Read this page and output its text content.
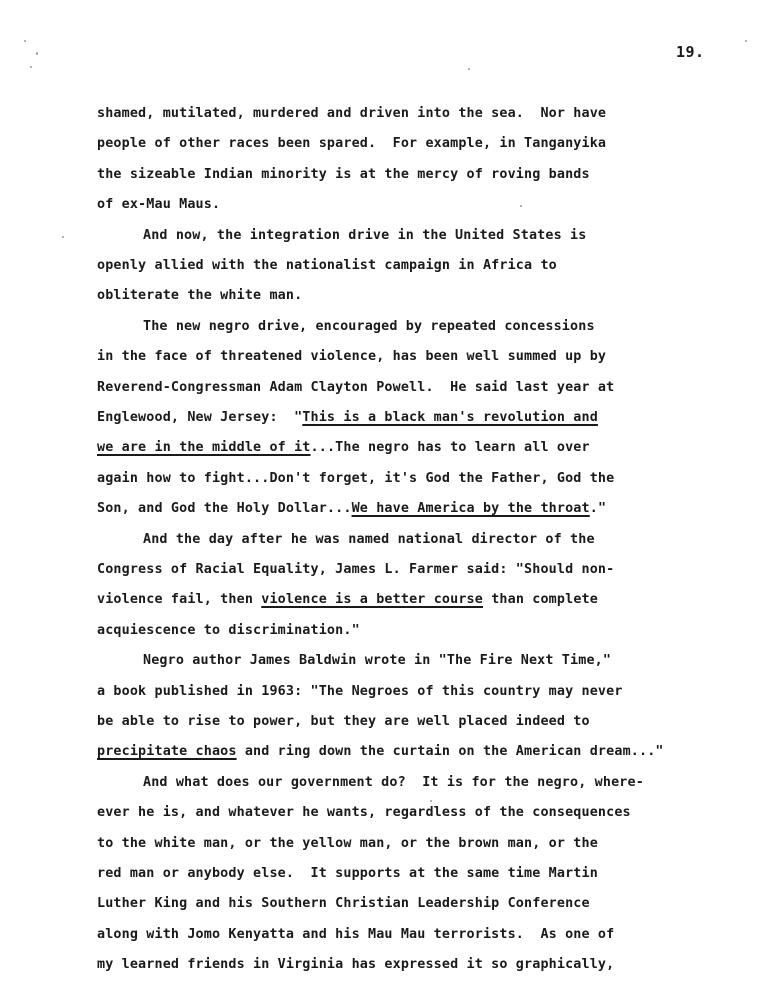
19.
shamed, mutilated, murdered and driven into the sea.  Nor have
people of other races been spared.  For example, in Tanganyika
the sizeable Indian minority is at the mercy of roving bands
of ex-Mau Maus.
And now, the integration drive in the United States is
openly allied with the nationalist campaign in Africa to
obliterate the white man.
The new negro drive, encouraged by repeated concessions
in the face of threatened violence, has been well summed up by
Reverend-Congressman Adam Clayton Powell.  He said last year at
Englewood, New Jersey:  "This is a black man's revolution and
we are in the middle of it...The negro has to learn all over
again how to fight...Don't forget, it's God the Father, God the
Son, and God the Holy Dollar...We have America by the throat."
And the day after he was named national director of the
Congress of Racial Equality, James L. Farmer said: "Should non-
violence fail, then violence is a better course than complete
acquiescence to discrimination."
Negro author James Baldwin wrote in "The Fire Next Time,"
a book published in 1963: "The Negroes of this country may never
be able to rise to power, but they are well placed indeed to
precipitate chaos and ring down the curtain on the American dream..."
And what does our government do?  It is for the negro, where-
ever he is, and whatever he wants, regardless of the consequences
to the white man, or the yellow man, or the brown man, or the
red man or anybody else.  It supports at the same time Martin
Luther King and his Southern Christian Leadership Conference
along with Jomo Kenyatta and his Mau Mau terrorists.  As one of
my learned friends in Virginia has expressed it so graphically,
